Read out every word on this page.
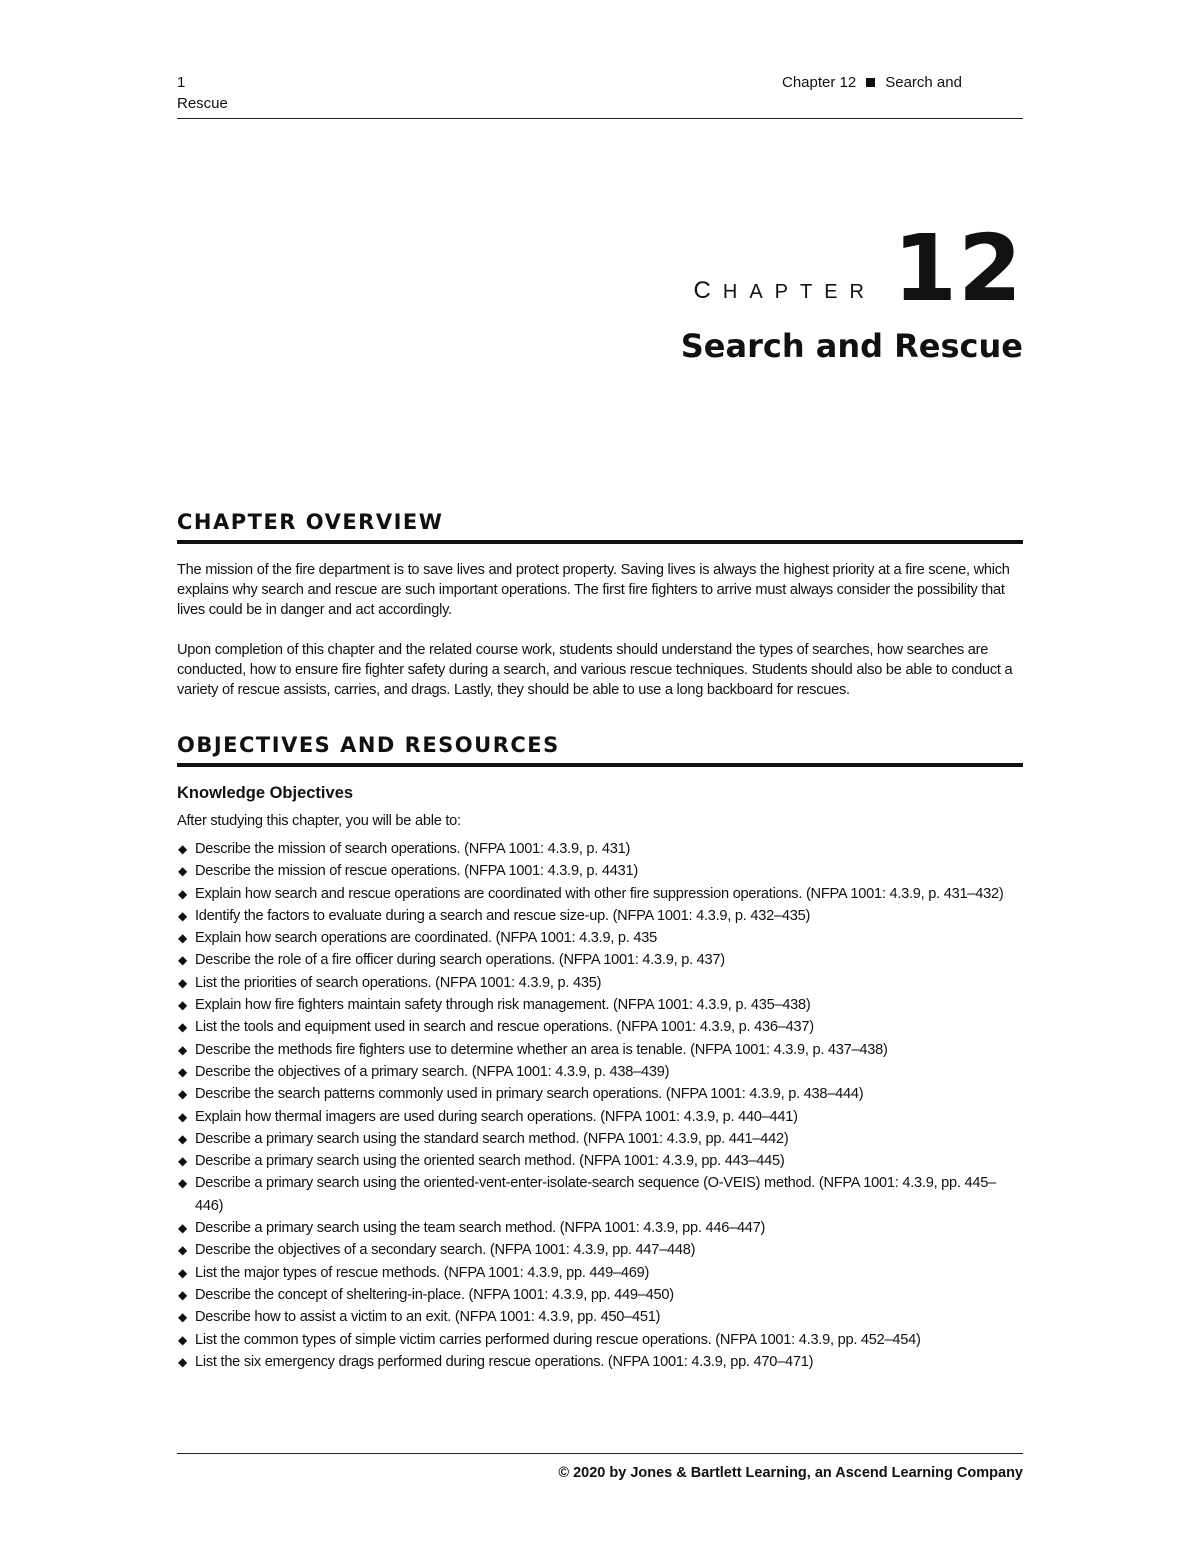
1
Rescue
Chapter 12 Search and
CHAPTER 12
Search and Rescue
CHAPTER OVERVIEW
The mission of the fire department is to save lives and protect property. Saving lives is always the highest priority at a fire scene, which explains why search and rescue are such important operations. The first fire fighters to arrive must always consider the possibility that lives could be in danger and act accordingly.
Upon completion of this chapter and the related course work, students should understand the types of searches, how searches are conducted, how to ensure fire fighter safety during a search, and various rescue techniques. Students should also be able to conduct a variety of rescue assists, carries, and drags. Lastly, they should be able to use a long backboard for rescues.
OBJECTIVES AND RESOURCES
Knowledge Objectives
After studying this chapter, you will be able to:
◆ Describe the mission of search operations. (NFPA 1001: 4.3.9, p. 431)
◆ Describe the mission of rescue operations. (NFPA 1001: 4.3.9, p. 4431)
◆ Explain how search and rescue operations are coordinated with other fire suppression operations. (NFPA 1001: 4.3.9, p. 431–432)
◆ Identify the factors to evaluate during a search and rescue size-up. (NFPA 1001: 4.3.9, p. 432–435)
◆ Explain how search operations are coordinated. (NFPA 1001: 4.3.9, p. 435
◆ Describe the role of a fire officer during search operations. (NFPA 1001: 4.3.9, p. 437)
◆ List the priorities of search operations. (NFPA 1001: 4.3.9, p. 435)
◆ Explain how fire fighters maintain safety through risk management. (NFPA 1001: 4.3.9, p. 435–438)
◆ List the tools and equipment used in search and rescue operations. (NFPA 1001: 4.3.9, p. 436–437)
◆ Describe the methods fire fighters use to determine whether an area is tenable. (NFPA 1001: 4.3.9, p. 437–438)
◆ Describe the objectives of a primary search. (NFPA 1001: 4.3.9, p. 438–439)
◆ Describe the search patterns commonly used in primary search operations. (NFPA 1001: 4.3.9, p. 438–444)
◆ Explain how thermal imagers are used during search operations. (NFPA 1001: 4.3.9, p. 440–441)
◆ Describe a primary search using the standard search method. (NFPA 1001: 4.3.9, pp. 441–442)
◆ Describe a primary search using the oriented search method. (NFPA 1001: 4.3.9, pp. 443–445)
◆ Describe a primary search using the oriented-vent-enter-isolate-search sequence (O-VEIS) method. (NFPA 1001: 4.3.9, pp. 445–446)
◆ Describe a primary search using the team search method. (NFPA 1001: 4.3.9, pp. 446–447)
◆ Describe the objectives of a secondary search. (NFPA 1001: 4.3.9, pp. 447–448)
◆ List the major types of rescue methods. (NFPA 1001: 4.3.9, pp. 449–469)
◆ Describe the concept of sheltering-in-place. (NFPA 1001: 4.3.9, pp. 449–450)
◆ Describe how to assist a victim to an exit. (NFPA 1001: 4.3.9, pp. 450–451)
◆ List the common types of simple victim carries performed during rescue operations. (NFPA 1001: 4.3.9, pp. 452–454)
◆ List the six emergency drags performed during rescue operations. (NFPA 1001: 4.3.9, pp. 470–471)
© 2020 by Jones & Bartlett Learning, an Ascend Learning Company
